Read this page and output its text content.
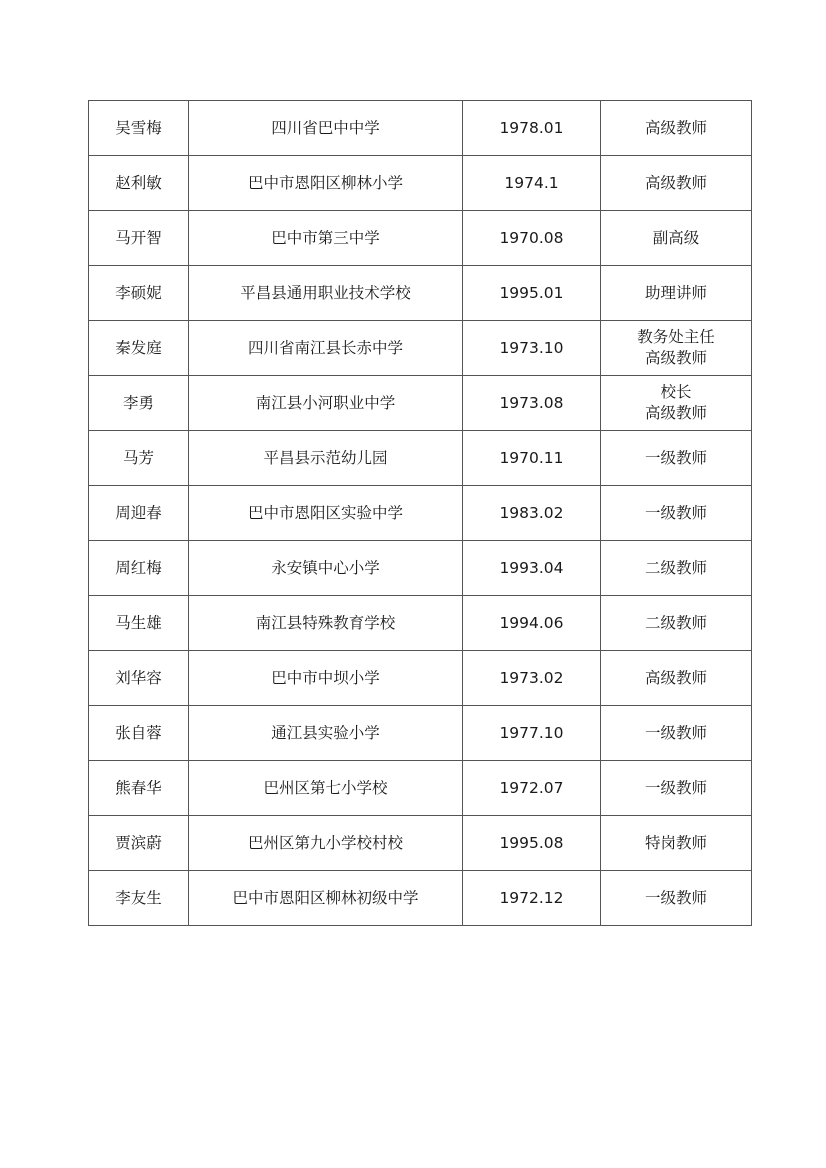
吴雪梅	四川省巴中中学	1978.01	高级教师

赵利敏	巴中市恩阳区柳林小学	1974.1	高级教师

马开智	巴中市第三中学	1970.08	副高级

李硕妮	平昌县通用职业技术学校	1995.01	助理讲师

秦发庭	四川省南江县长赤中学	1973.10	教务处主任
高级教师

李勇	南江县小河职业中学	1973.08	校长
高级教师

马芳	平昌县示范幼儿园	1970.11	一级教师

周迎春	巴中市恩阳区实验中学	1983.02	一级教师

周红梅	永安镇中心小学	1993.04	二级教师

马生雄	南江县特殊教育学校	1994.06	二级教师

刘华容	巴中市中坝小学	1973.02	高级教师

张自蓉	通江县实验小学	1977.10	一级教师

熊春华	巴州区第七小学校	1972.07	一级教师

贾滨蔚	巴州区第九小学校村校	1995.08	特岗教师

李友生	巴中市恩阳区柳林初级中学	1972.12	一级教师
